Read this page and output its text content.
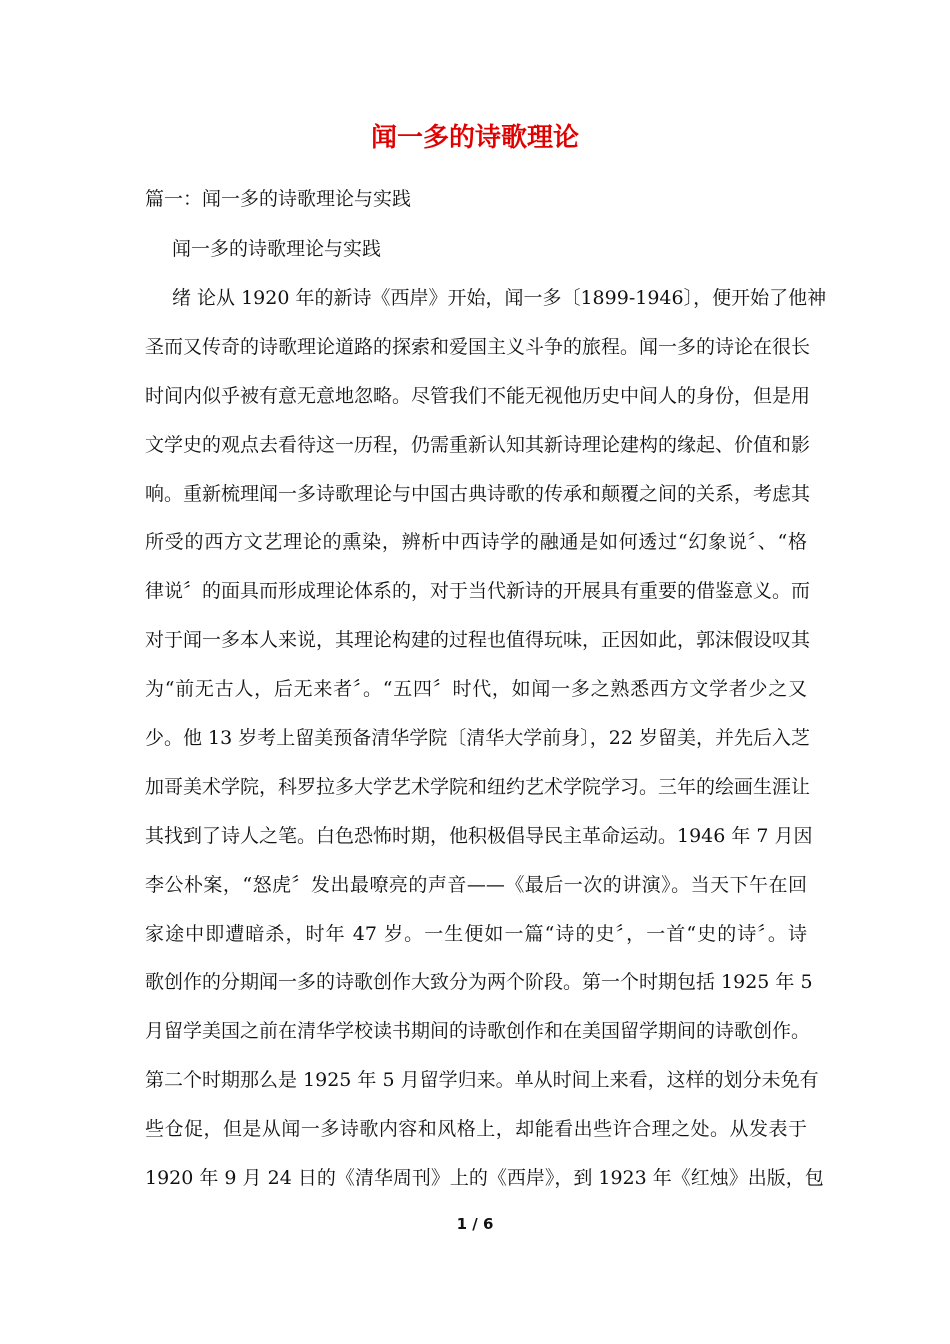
闻一多的诗歌理论
篇一：闻一多的诗歌理论与实践
闻一多的诗歌理论与实践
绪 论从 1920 年的新诗《西岸》开始，闻一多〔1899-1946〕，便开始了他神
圣而又传奇的诗歌理论道路的探索和爱国主义斗争的旅程。闻一多的诗论在很长
时间内似乎被有意无意地忽略。尽管我们不能无视他历史中间人的身份，但是用
文学史的观点去看待这一历程，仍需重新认知其新诗理论建构的缘起、价值和影
响。重新梳理闻一多诗歌理论与中国古典诗歌的传承和颠覆之间的关系，考虑其
所受的西方文艺理论的熏染，辨析中西诗学的融通是如何透过“幻象说〞、“格
律说〞的面具而形成理论体系的，对于当代新诗的开展具有重要的借鉴意义。而
对于闻一多本人来说，其理论构建的过程也值得玩味，正因如此，郭沫假设叹其
为“前无古人，后无来者〞。“五四〞时代，如闻一多之熟悉西方文学者少之又
少。他 13 岁考上留美预备清华学院〔清华大学前身〕，22 岁留美，并先后入芝
加哥美术学院，科罗拉多大学艺术学院和纽约艺术学院学习。三年的绘画生涯让
其找到了诗人之笔。白色恐怖时期，他积极倡导民主革命运动。1946 年 7 月因
李公朴案，“怒虎〞发出最嘹亮的声音——《最后一次的讲演》。当天下午在回
家途中即遭暗杀，时年 47 岁。一生便如一篇“诗的史〞，一首“史的诗〞。诗
歌创作的分期闻一多的诗歌创作大致分为两个阶段。第一个时期包括 1925 年 5
月留学美国之前在清华学校读书期间的诗歌创作和在美国留学期间的诗歌创作。
第二个时期那么是 1925 年 5 月留学归来。单从时间上来看，这样的划分未免有
些仓促，但是从闻一多诗歌内容和风格上，却能看出些许合理之处。从发表于
1920 年 9 月 24 日的《清华周刊》上的《西岸》，到 1923 年《红烛》出版，包
1 / 6
